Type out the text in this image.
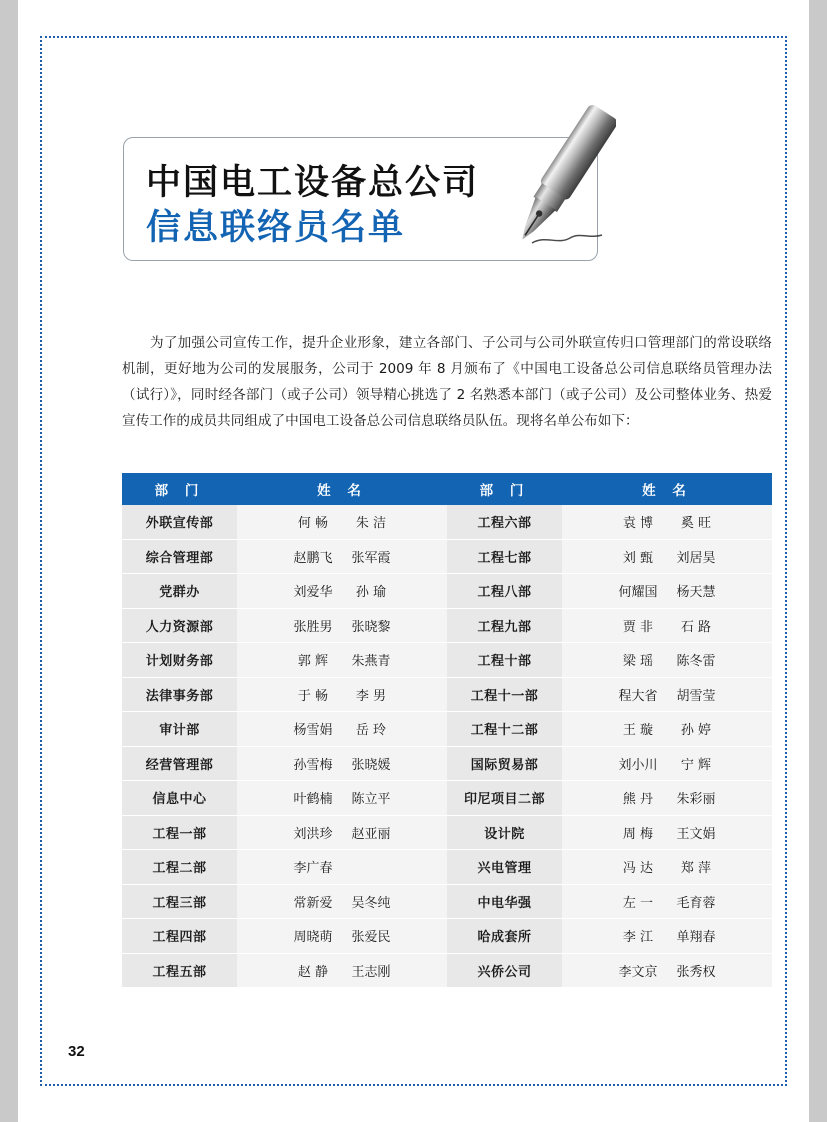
中国电工设备总公司
信息联络员名单

为了加强公司宣传工作，提升企业形象，建立各部门、子公司与公司外联宣传归口管理部门的常设联络机制，更好地为公司的发展服务，公司于 2009 年 8 月颁布了《中国电工设备总公司信息联络员管理办法（试行）》，同时经各部门（或子公司）领导精心挑选了 2 名熟悉本部门（或子公司）及公司整体业务、热爱宣传工作的成员共同组成了中国电工设备总公司信息联络员队伍。现将名单公布如下：

部 门	姓 名	部 门	姓 名
外联宣传部	何 畅 朱 洁	工程六部	袁 博 奚 旺
综合管理部	赵鹏飞 张军霞	工程七部	刘 甄 刘居昊
党群办	刘爱华 孙 瑜	工程八部	何耀国 杨天慧
人力资源部	张胜男 张晓黎	工程九部	贾 非 石 路
计划财务部	郭 辉 朱燕青	工程十部	梁 瑶 陈冬雷
法律事务部	于 畅 李 男	工程十一部	程大省 胡雪莹
审计部	杨雪娟 岳 玲	工程十二部	王 璇 孙 婷
经营管理部	孙雪梅 张晓媛	国际贸易部	刘小川 宁 辉
信息中心	叶鹤楠 陈立平	印尼项目二部	熊 丹 朱彩丽
工程一部	刘洪珍 赵亚丽	设计院	周 梅 王文娟
工程二部	李广春	兴电管理	冯 达 郑 萍
工程三部	常新爱 吴冬纯	中电华强	左 一 毛育蓉
工程四部	周晓萌 张爱民	哈成套所	李 江 单翔春
工程五部	赵 静 王志刚	兴侨公司	李文京 张秀权
32
